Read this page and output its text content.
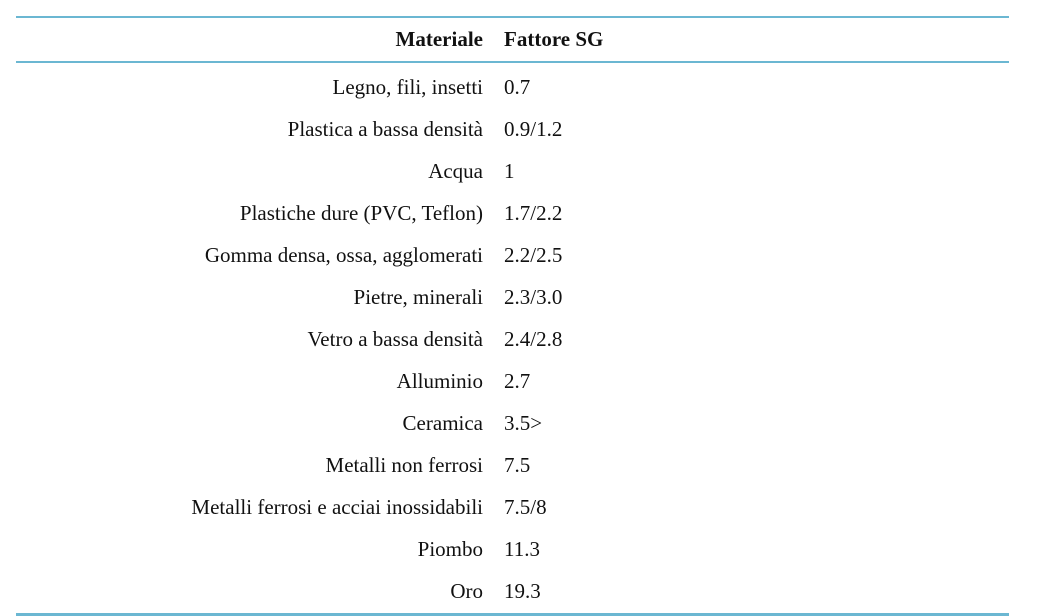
Materiale	Fattore SG
Legno, fili, insetti	0.7
Plastica a bassa densità	0.9/1.2
Acqua	1
Plastiche dure (PVC, Teflon)	1.7/2.2
Gomma densa, ossa, agglomerati	2.2/2.5
Pietre, minerali	2.3/3.0
Vetro a bassa densità	2.4/2.8
Alluminio	2.7
Ceramica	3.5>
Metalli non ferrosi	7.5
Metalli ferrosi e acciai inossidabili	7.5/8
Piombo	11.3
Oro	19.3
